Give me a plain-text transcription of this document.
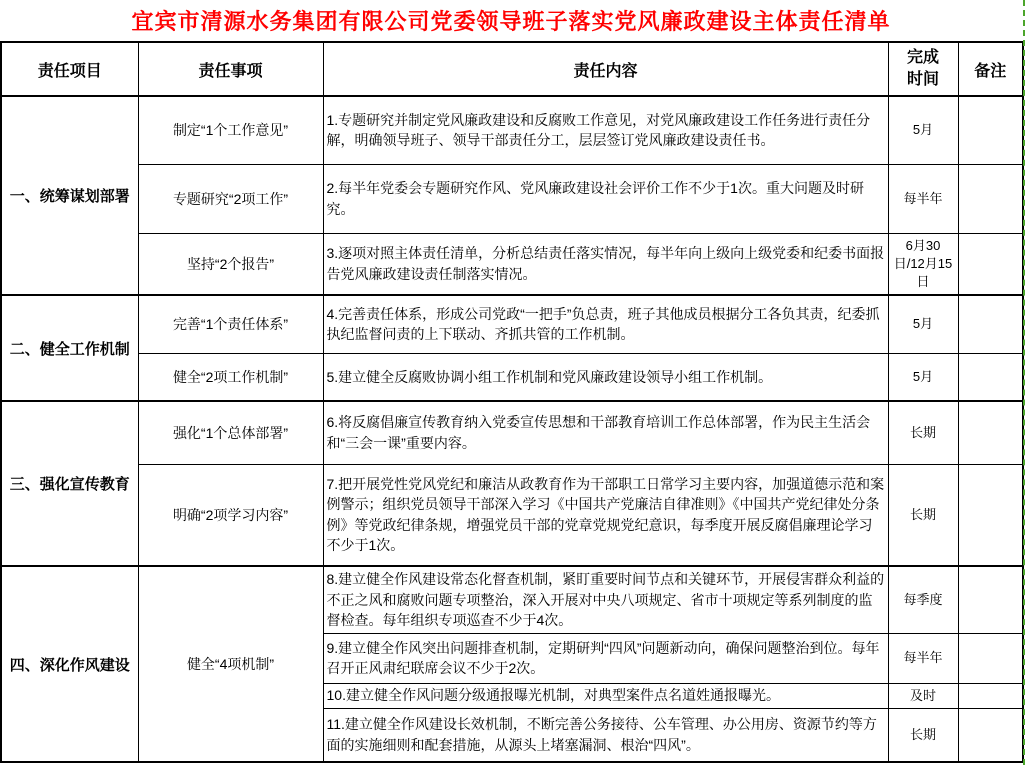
宜宾市清源水务集团有限公司党委领导班子落实党风廉政建设主体责任清单
责任项目	责任事项	责任内容	完成时间	备注
一、统筹谋划部署	制定“1个工作意见”	1.专题研究并制定党风廉政建设和反腐败工作意见，对党风廉政建设工作任务进行责任分解，明确领导班子、领导干部责任分工，层层签订党风廉政建设责任书。	5月	
	专题研究“2项工作”	2.每半年党委会专题研究作风、党风廉政建设社会评价工作不少于1次。重大问题及时研究。	每半年	
	坚持“2个报告”	3.逐项对照主体责任清单，分析总结责任落实情况，每半年向上级向上级党委和纪委书面报告党风廉政建设责任制落实情况。	6月30日/12月15日	
二、健全工作机制	完善“1个责任体系”	4.完善责任体系，形成公司党政“一把手”负总责，班子其他成员根据分工各负其责，纪委抓执纪监督问责的上下联动、齐抓共管的工作机制。	5月	
	健全“2项工作机制”	5.建立健全反腐败协调小组工作机制和党风廉政建设领导小组工作机制。	5月	
三、强化宣传教育	强化“1个总体部署”	6.将反腐倡廉宣传教育纳入党委宣传思想和干部教育培训工作总体部署，作为民主生活会和“三会一课”重要内容。	长期	
	明确“2项学习内容”	7.把开展党性党风党纪和廉洁从政教育作为干部职工日常学习主要内容，加强道德示范和案例警示；组织党员领导干部深入学习《中国共产党廉洁自律准则》《中国共产党纪律处分条例》等党政纪律条规，增强党员干部的党章党规党纪意识，每季度开展反腐倡廉理论学习不少于1次。	长期	
四、深化作风建设	健全“4项机制”	8.建立健全作风建设常态化督查机制，紧盯重要时间节点和关键环节，开展侵害群众利益的不正之风和腐败问题专项整治，深入开展对中央八项规定、省市十项规定等系列制度的监督检查。每年组织专项巡查不少于4次。	每季度	
		9.建立健全作风突出问题排查机制，定期研判“四风”问题新动向，确保问题整治到位。每年召开正风肃纪联席会议不少于2次。	每半年	
		10.建立健全作风问题分级通报曝光机制，对典型案件点名道姓通报曝光。	及时	
		11.建立健全作风建设长效机制，不断完善公务接待、公车管理、办公用房、资源节约等方面的实施细则和配套措施，从源头上堵塞漏洞、根治“四风”。	长期	
